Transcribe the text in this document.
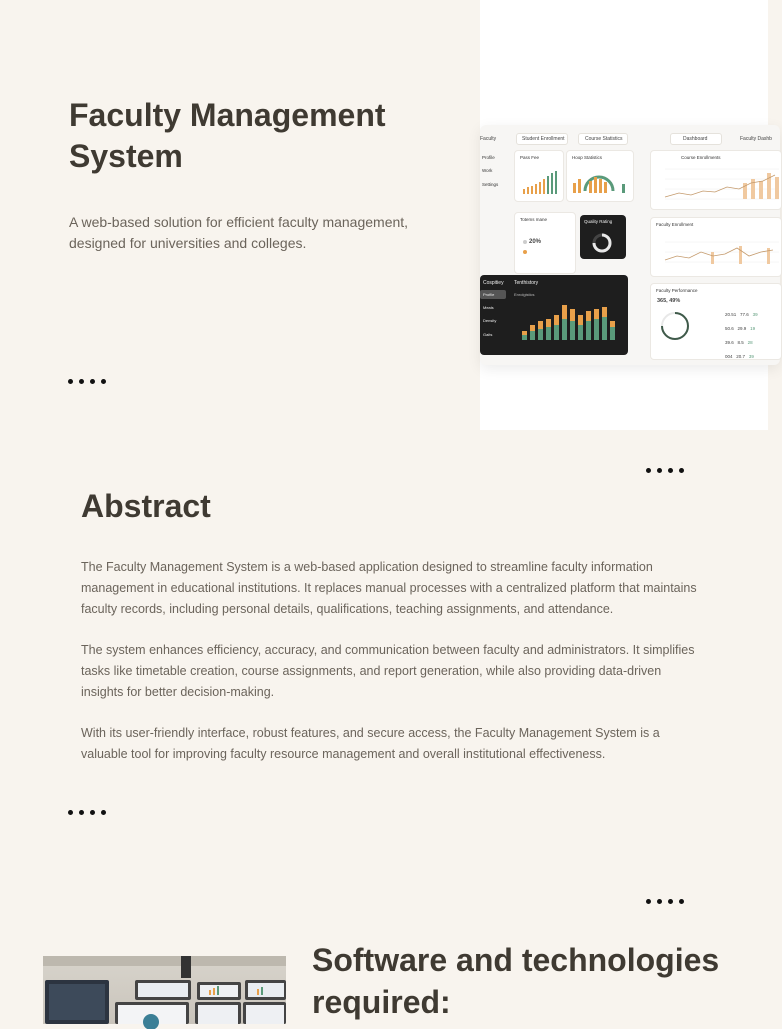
Faculty Management System

A web-based solution for efficient faculty management, designed for universities and colleges.

Faculty	Student Enrollment	Course Statistics	Dashboard	Faculty Dashb
Profile
Work
Settings
Pass Fee	Hoop Statistics	Course Enrollments
Totems mane
20%
Quality Rating
Faculty Enrollment
Cospitiey Tenthistory
Enrolgistics
Profile
Meals
Density
Gaits
Faculty Performance
365, 49%
20.51 77.6 39
50.6 29.9 19
39.6 8.5 28
004 20.7 39
Abstract

The Faculty Management System is a web-based application designed to streamline faculty information management in educational institutions. It replaces manual processes with a centralized platform that maintains faculty records, including personal details, qualifications, teaching assignments, and attendance.

The system enhances efficiency, accuracy, and communication between faculty and administrators. It simplifies tasks like timetable creation, course assignments, and report generation, while also providing data-driven insights for better decision-making.

With its user-friendly interface, robust features, and secure access, the Faculty Management System is a valuable tool for improving faculty resource management and overall institutional effectiveness.

Software and technologies required:
